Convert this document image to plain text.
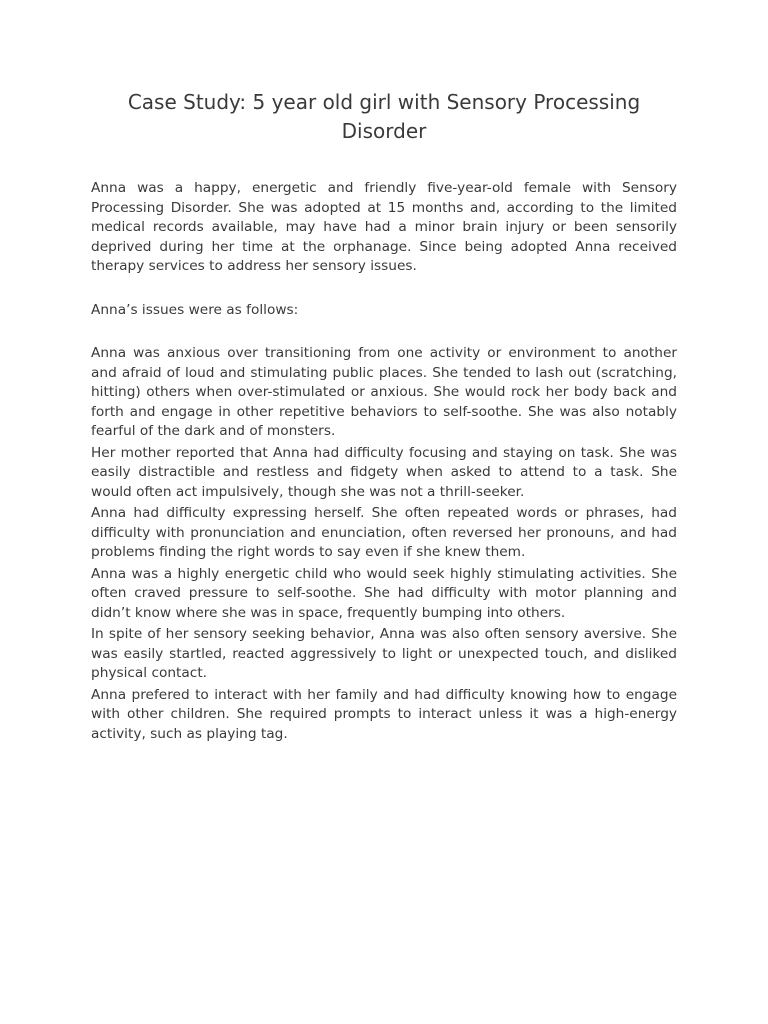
Case Study: 5 year old girl with Sensory Processing Disorder

Anna was a happy, energetic and friendly five-year-old female with Sensory Processing Disorder. She was adopted at 15 months and, according to the limited medical records available, may have had a minor brain injury or been sensorily deprived during her time at the orphanage. Since being adopted Anna received therapy services to address her sensory issues.

Anna’s issues were as follows:

Anna was anxious over transitioning from one activity or environment to another and afraid of loud and stimulating public places. She tended to lash out (scratching, hitting) others when over-stimulated or anxious. She would rock her body back and forth and engage in other repetitive behaviors to self-soothe. She was also notably fearful of the dark and of monsters.

Her mother reported that Anna had difficulty focusing and staying on task. She was easily distractible and restless and fidgety when asked to attend to a task. She would often act impulsively, though she was not a thrill-seeker.

Anna had difficulty expressing herself. She often repeated words or phrases, had difficulty with pronunciation and enunciation, often reversed her pronouns, and had problems finding the right words to say even if she knew them.

Anna was a highly energetic child who would seek highly stimulating activities. She often craved pressure to self-soothe. She had difficulty with motor planning and didn’t know where she was in space, frequently bumping into others.

In spite of her sensory seeking behavior, Anna was also often sensory aversive. She was easily startled, reacted aggressively to light or unexpected touch, and disliked physical contact.

Anna prefered to interact with her family and had difficulty knowing how to engage with other children. She required prompts to interact unless it was a high-energy activity, such as playing tag.
